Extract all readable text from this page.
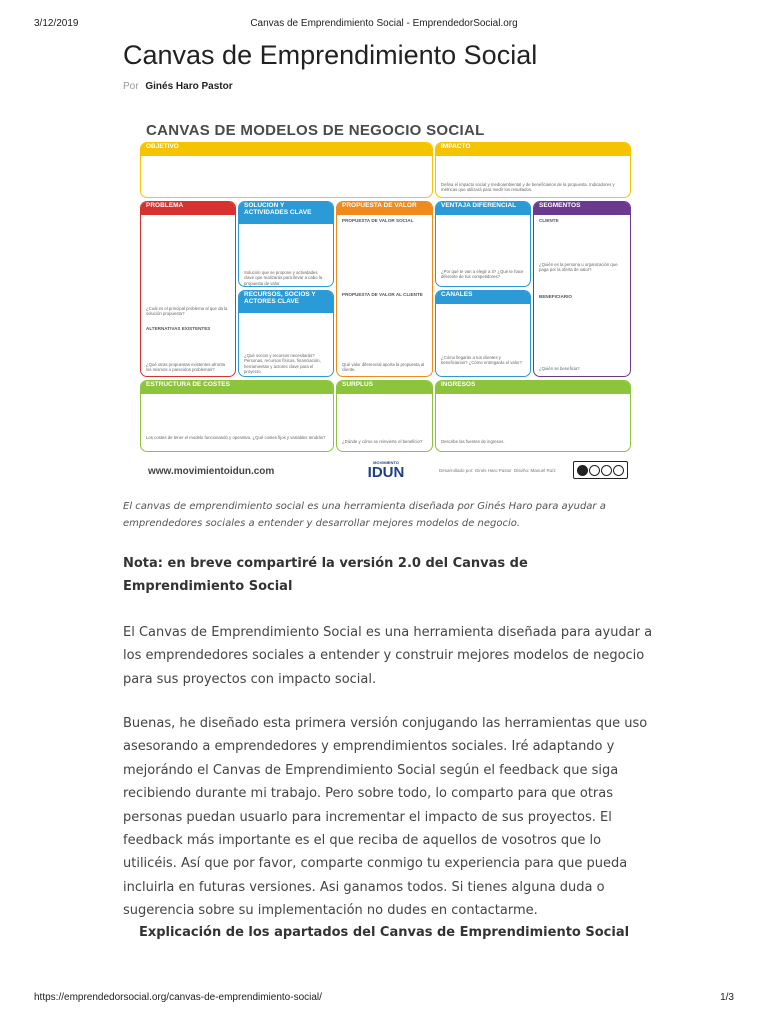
3/12/2019	Canvas de Emprendimiento Social - EmprendedorSocial.org
Canvas de Emprendimiento Social
Por Ginés Haro Pastor
CANVAS DE MODELOS DE NEGOCIO SOCIAL
OBJETIVO	IMPACTO
Defina el impacto social y medioambiental y de beneficiarios de la propuesta. Indicadores y métricas que utilizará para medir los resultados.
PROBLEMA
¿Cuál es el principal problema al que da la solución propuesta?
ALTERNATIVAS EXISTENTES
¿Qué otras propuestas existentes afronta los mismos o parecidos problemas?
SOLUCIÓN Y ACTIVIDADES CLAVE
Solución que se propone y actividades clave que realizarás para llevar a cabo la propuesta de valor.
RECURSOS, SOCIOS Y ACTORES CLAVE
¿Qué socios y recursos necesitarás? Personas, recursos físicos, financiación, herramientas y actores clave para el proyecto.
PROPUESTA DE VALOR
PROPUESTA DE VALOR SOCIAL
PROPUESTA DE VALOR AL CLIENTE
Qué valor diferencial aporta la propuesta al cliente.
VENTAJA DIFERENCIAL
¿Por qué te van a elegir a ti? ¿Qué te hace diferente de tus competidores?
CANALES
¿Cómo llegarás a tus clientes y beneficiarios? ¿Cómo entregarás el valor?
SEGMENTOS
CLIENTE
¿Quién es la persona u organización que paga por la oferta de valor?
BENEFICIARIO
¿Quién se beneficia?
ESTRUCTURA DE COSTES
Los costes de tener el modelo funcionando y operativo. ¿Qué costes fijos y variables tendrás?
SURPLUS
¿Dónde y cómo se reinvierte el beneficio?
INGRESOS
Describe las fuentes de ingresos.
www.movimientoidun.com
MOVIMIENTO
IDUN	Desarrollado por: Ginés Haro Pastor Diseño: Manuel Ruíz

El canvas de emprendimiento social es una herramienta diseñada por Ginés Haro para ayudar a emprendedores sociales a entender y desarrollar mejores modelos de negocio.

Nota: en breve compartiré la versión 2.0 del Canvas de Emprendimiento Social

El Canvas de Emprendimiento Social es una herramienta diseñada para ayudar a los emprendedores sociales a entender y construir mejores modelos de negocio para sus proyectos con impacto social.

Buenas, he diseñado esta primera versión conjugando las herramientas que uso asesorando a emprendedores y emprendimientos sociales. Iré adaptando y mejorándo el Canvas de Emprendimiento Social según el feedback que siga recibiendo durante mi trabajo. Pero sobre todo, lo comparto para que otras personas puedan usuarlo para incrementar el impacto de sus proyectos. El feedback más importante es el que reciba de aquellos de vosotros que lo utilicéis. Así que por favor, comparte conmigo tu experiencia para que pueda incluirla en futuras versiones. Asi ganamos todos. Si tienes alguna duda o sugerencia sobre su implementación no dudes en contactarme.

Explicación de los apartados del Canvas de Emprendimiento Social
https://emprendedorsocial.org/canvas-de-emprendimiento-social/	1/3
